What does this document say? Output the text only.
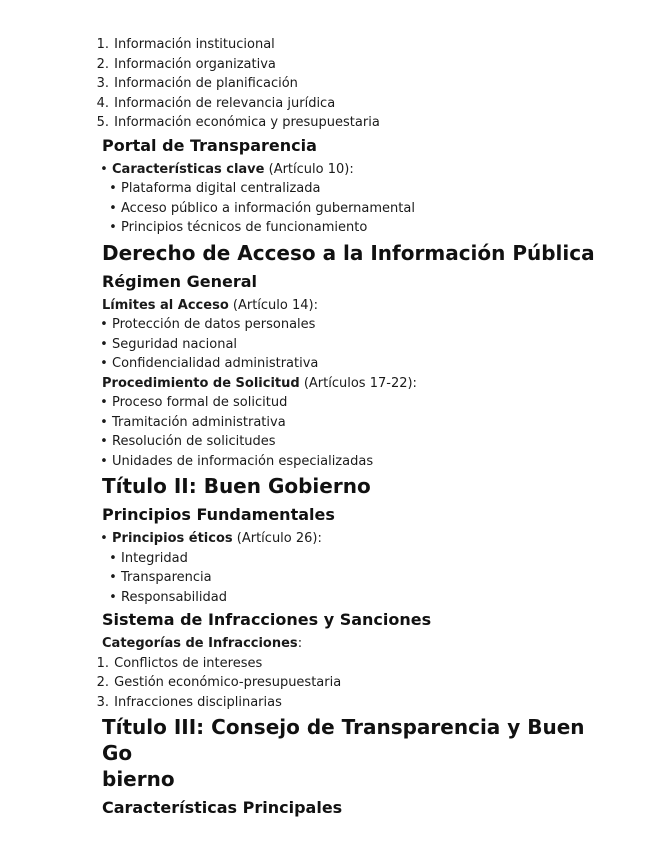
1. Información institucional
2. Información organizativa
3. Información de planificación
4. Información de relevancia jurídica
5. Información económica y presupuestaria
Portal de Transparencia
• Características clave (Artículo 10):
• Plataforma digital centralizada
• Acceso público a información gubernamental
• Principios técnicos de funcionamiento
Derecho de Acceso a la Información Pública
Régimen General
Límites al Acceso (Artículo 14):
• Protección de datos personales
• Seguridad nacional
• Confidencialidad administrativa
Procedimiento de Solicitud (Artículos 17-22):
• Proceso formal de solicitud
• Tramitación administrativa
• Resolución de solicitudes
• Unidades de información especializadas
Título II: Buen Gobierno
Principios Fundamentales
• Principios éticos (Artículo 26):
• Integridad
• Transparencia
• Responsabilidad
Sistema de Infracciones y Sanciones
Categorías de Infracciones:
1. Conflictos de intereses
2. Gestión económico-presupuestaria
3. Infracciones disciplinarias
Título III: Consejo de Transparencia y Buen Go
bierno
Características Principales
